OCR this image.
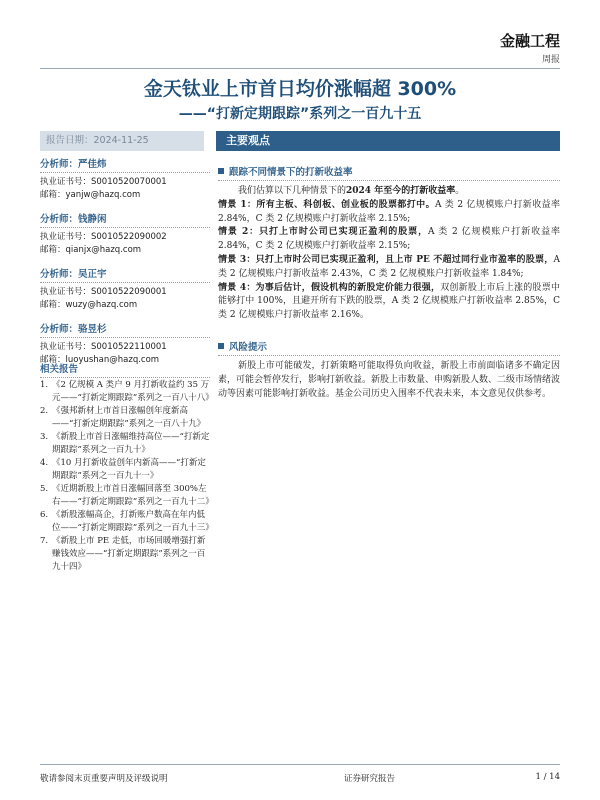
金融工程
周报
金天钛业上市首日均价涨幅超 300%
——“打新定期跟踪”系列之一百九十五
报告日期：2024-11-25	主要观点
分析师：严佳炜
执业证书号：S0010520070001
邮箱：yanjw@hazq.com
分析师：钱静闲
执业证书号：S0010522090002
邮箱：qianjx@hazq.com
分析师：吴正宇
执业证书号：S0010522090001
邮箱：wuzy@hazq.com
分析师：骆昱杉
执业证书号：S0010522110001
邮箱：luoyushan@hazq.com
相关报告
1. 《2 亿规模 A 类户 9 月打新收益约 35 万元——“打新定期跟踪”系列之一百八十八》
2. 《强邦新材上市首日涨幅创年度新高——“打新定期跟踪”系列之一百八十九》
3. 《新股上市首日涨幅维持高位——“打新定期跟踪”系列之一百九十》
4. 《10 月打新收益创年内新高——“打新定期跟踪”系列之一百九十一》
5. 《近期新股上市首日涨幅回落至 300%左右——“打新定期跟踪”系列之一百九十二》
6. 《新股涨幅高企，打新账户数高在年内低位——“打新定期跟踪”系列之一百九十三》
7. 《新股上市 PE 走低，市场回暖增强打新赚钱效应——“打新定期跟踪”系列之一百九十四》
跟踪不同情景下的打新收益率

我们估算以下几种情景下的2024 年至今的打新收益率。

情景 1：所有主板、科创板、创业板的股票都打中。A 类 2 亿规模账户打新收益率 2.84%，C 类 2 亿规模账户打新收益率 2.15%;

情景 2：只打上市时公司已实现正盈利的股票，A 类 2 亿规模账户打新收益率 2.84%，C 类 2 亿规模账户打新收益率 2.15%;

情景 3：只打上市时公司已实现正盈利，且上市 PE 不超过同行业市盈率的股票，A 类 2 亿规模账户打新收益率 2.43%，C 类 2 亿规模账户打新收益率 1.84%;

情景 4：为事后估计，假设机构的新股定价能力很强，双创新股上市后上涨的股票中能够打中 100%，且避开所有下跌的股票，A 类 2 亿规模账户打新收益率 2.85%，C 类 2 亿规模账户打新收益率 2.16%。

风险提示

新股上市可能破发，打新策略可能取得负向收益，新股上市前面临诸多不确定因素，可能会暂停发行，影响打新收益。新股上市数量、申购新股人数、二级市场情绪波动等因素可能影响打新收益。基金公司历史入围率不代表未来，本文意见仅供参考。

敬请参阅末页重要声明及评级说明	证券研究报告	1 / 14
